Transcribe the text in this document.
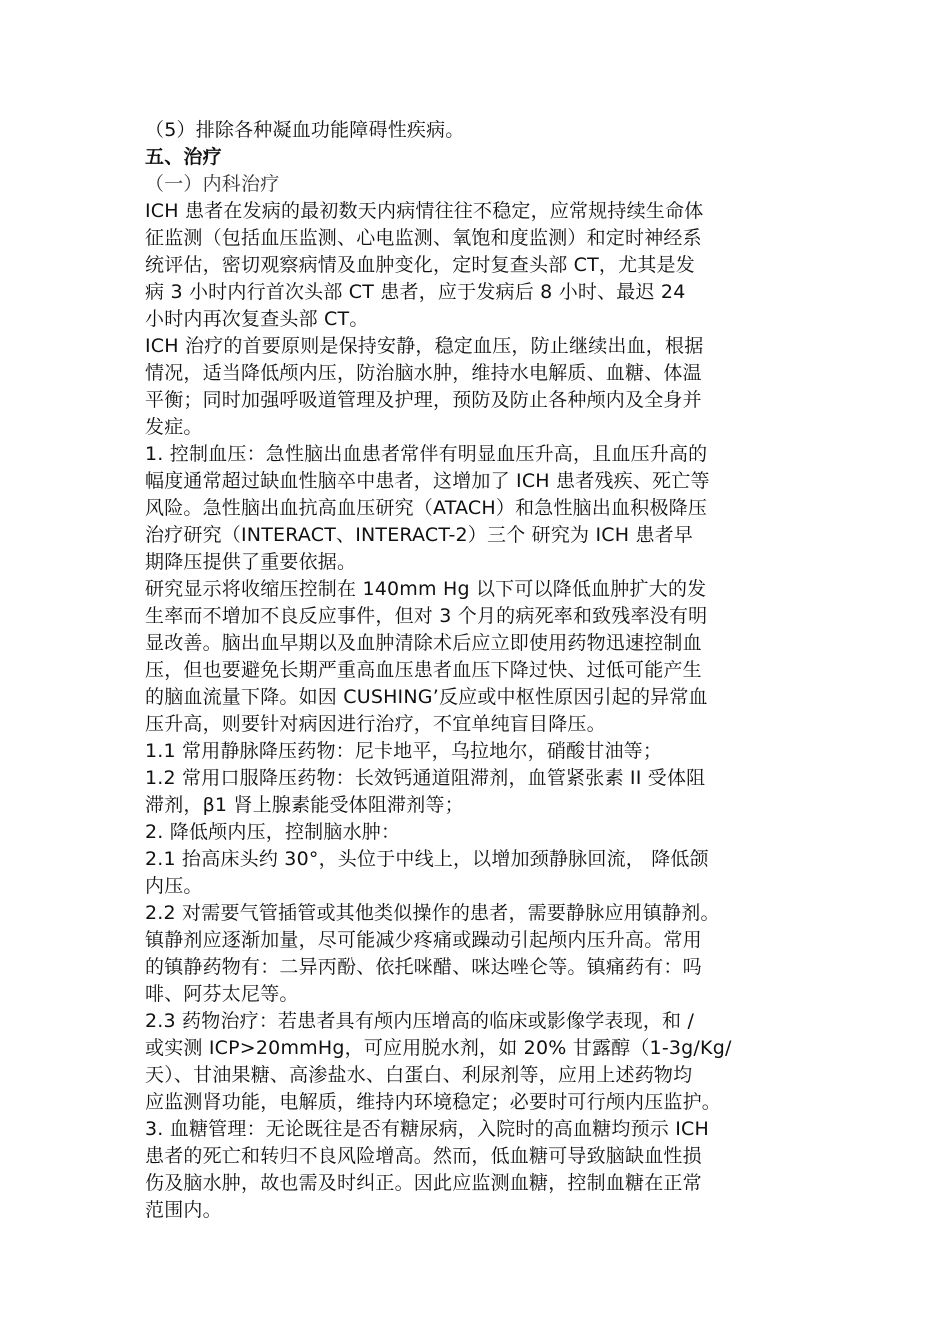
（5）排除各种凝血功能障碍性疾病。
五、治疗
（一）内科治疗
ICH 患者在发病的最初数天内病情往往不稳定，应常规持续生命体
征监测（包括血压监测、心电监测、氧饱和度监测）和定时神经系
统评估，密切观察病情及血肿变化，定时复查头部 CT，尤其是发
病 3 小时内行首次头部 CT 患者，应于发病后 8 小时、最迟 24
小时内再次复查头部 CT。
ICH 治疗的首要原则是保持安静，稳定血压，防止继续出血，根据
情况，适当降低颅内压，防治脑水肿，维持水电解质、血糖、体温
平衡；同时加强呼吸道管理及护理，预防及防止各种颅内及全身并
发症。
1. 控制血压：急性脑出血患者常伴有明显血压升高，且血压升高的
幅度通常超过缺血性脑卒中患者，这增加了 ICH 患者残疾、死亡等
风险。急性脑出血抗高血压研究（ATACH）和急性脑出血积极降压
治疗研究（INTERACT、INTERACT-2）三个 研究为 ICH 患者早
期降压提供了重要依据。
研究显示将收缩压控制在 140mm Hg 以下可以降低血肿扩大的发
生率而不增加不良反应事件，但对 3 个月的病死率和致残率没有明
显改善。脑出血早期以及血肿清除术后应立即使用药物迅速控制血
压，但也要避免长期严重高血压患者血压下降过快、过低可能产生
的脑血流量下降。如因 CUSHING’反应或中枢性原因引起的异常血
压升高，则要针对病因进行治疗，不宜单纯盲目降压。
1.1 常用静脉降压药物：尼卡地平，乌拉地尔，硝酸甘油等；
1.2 常用口服降压药物：长效钙通道阻滞剂，血管紧张素 II 受体阻
滞剂，β1 肾上腺素能受体阻滞剂等；
2. 降低颅内压，控制脑水肿：
2.1 抬高床头约 30°，头位于中线上，以增加颈静脉回流， 降低颌
内压。
2.2 对需要气管插管或其他类似操作的患者，需要静脉应用镇静剂。
镇静剂应逐渐加量，尽可能减少疼痛或躁动引起颅内压升高。常用
的镇静药物有：二异丙酚、依托咪醋、咪达唑仑等。镇痛药有：吗
啡、阿芬太尼等。
2.3 药物治疗：若患者具有颅内压增高的临床或影像学表现，和 /
或实测 ICP>20mmHg，可应用脱水剂，如 20% 甘露醇（1-3g/Kg/
天）、甘油果糖、高渗盐水、白蛋白、利尿剂等，应用上述药物均
应监测肾功能，电解质，维持内环境稳定；必要时可行颅内压监护。
3. 血糖管理：无论既往是否有糖尿病，入院时的高血糖均预示 ICH
患者的死亡和转归不良风险增高。然而，低血糖可导致脑缺血性损
伤及脑水肿，故也需及时纠正。因此应监测血糖，控制血糖在正常
范围内。
